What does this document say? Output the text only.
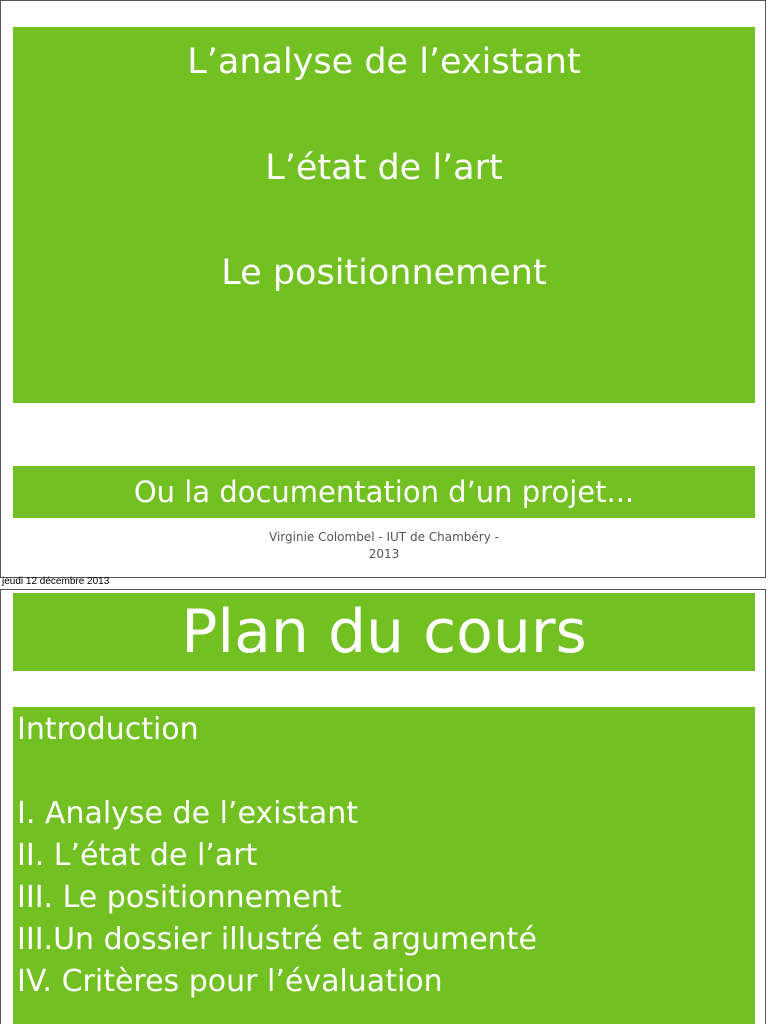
L’analyse de l’existant
L’état de l’art
Le positionnement
Ou la documentation d’un projet...
Virginie Colombel - IUT de Chambéry -
2013
jeudi 12 décembre 2013
Plan du cours
Introduction
I. Analyse de l’existant
II. L’état de l’art
III. Le positionnement
III.Un dossier illustré et argumenté
IV. Critères pour l’évaluation
